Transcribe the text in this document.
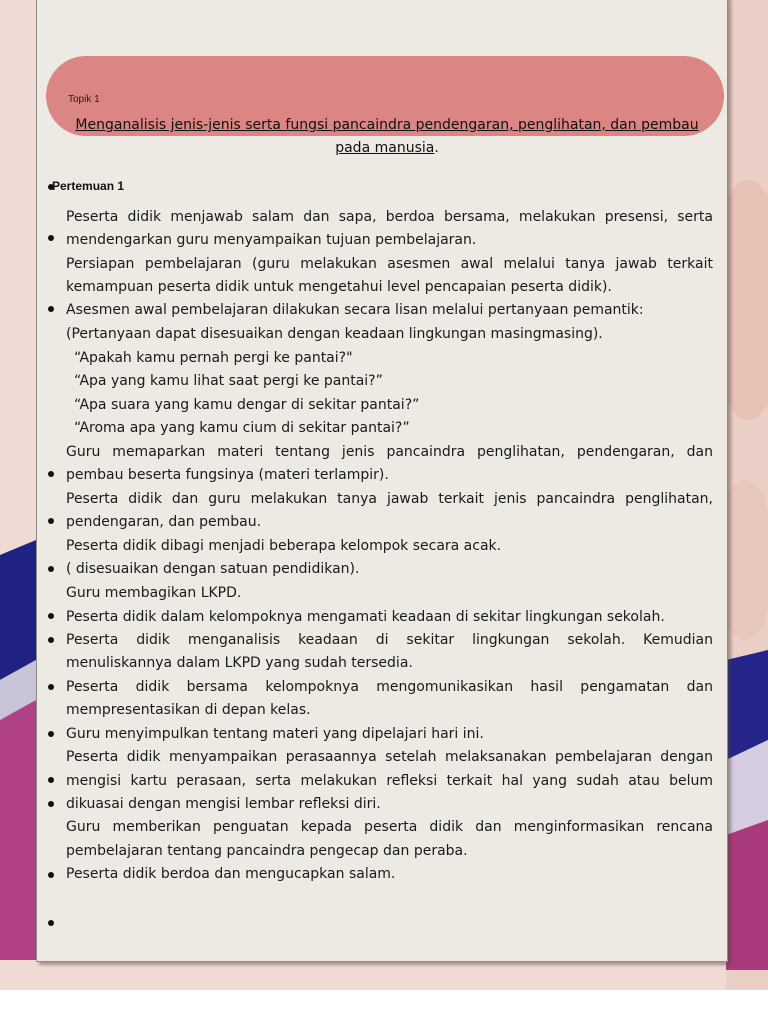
Topik 1
Menganalisis jenis-jenis serta fungsi pancaindra pendengaran, penglihatan, dan pembau
pada manusia.
Pertemuan 1
Peserta didik menjawab salam dan sapa, berdoa bersama, melakukan presensi, serta
mendengarkan guru menyampaikan tujuan pembelajaran.
Persiapan pembelajaran (guru melakukan asesmen awal melalui tanya jawab terkait
kemampuan peserta didik untuk mengetahui level pencapaian peserta didik).
Asesmen awal pembelajaran dilakukan secara lisan melalui pertanyaan pemantik:
(Pertanyaan dapat disesuaikan dengan keadaan lingkungan masingmasing).
“Apakah kamu pernah pergi ke pantai?"
“Apa yang kamu lihat saat pergi ke pantai?”
“Apa suara yang kamu dengar di sekitar pantai?”
“Aroma apa yang kamu cium di sekitar pantai?”
Guru memaparkan materi tentang jenis pancaindra penglihatan, pendengaran, dan
pembau beserta fungsinya (materi terlampir).
Peserta didik dan guru melakukan tanya jawab terkait jenis pancaindra penglihatan,
pendengaran, dan pembau.
Peserta didik dibagi menjadi beberapa kelompok secara acak.
( disesuaikan dengan satuan pendidikan).
Guru membagikan LKPD.
Peserta didik dalam kelompoknya mengamati keadaan di sekitar lingkungan sekolah.
Peserta didik menganalisis keadaan di sekitar lingkungan sekolah. Kemudian
menuliskannya dalam LKPD yang sudah tersedia.
Peserta didik bersama kelompoknya mengomunikasikan hasil pengamatan dan
mempresentasikan di depan kelas.
Guru menyimpulkan tentang materi yang dipelajari hari ini.
Peserta didik menyampaikan perasaannya setelah melaksanakan pembelajaran dengan
mengisi kartu perasaan, serta melakukan refleksi terkait hal yang sudah atau belum
dikuasai dengan mengisi lembar refleksi diri.
Guru memberikan penguatan kepada peserta didik dan menginformasikan rencana
pembelajaran tentang pancaindra pengecap dan peraba.
Peserta didik berdoa dan mengucapkan salam.
